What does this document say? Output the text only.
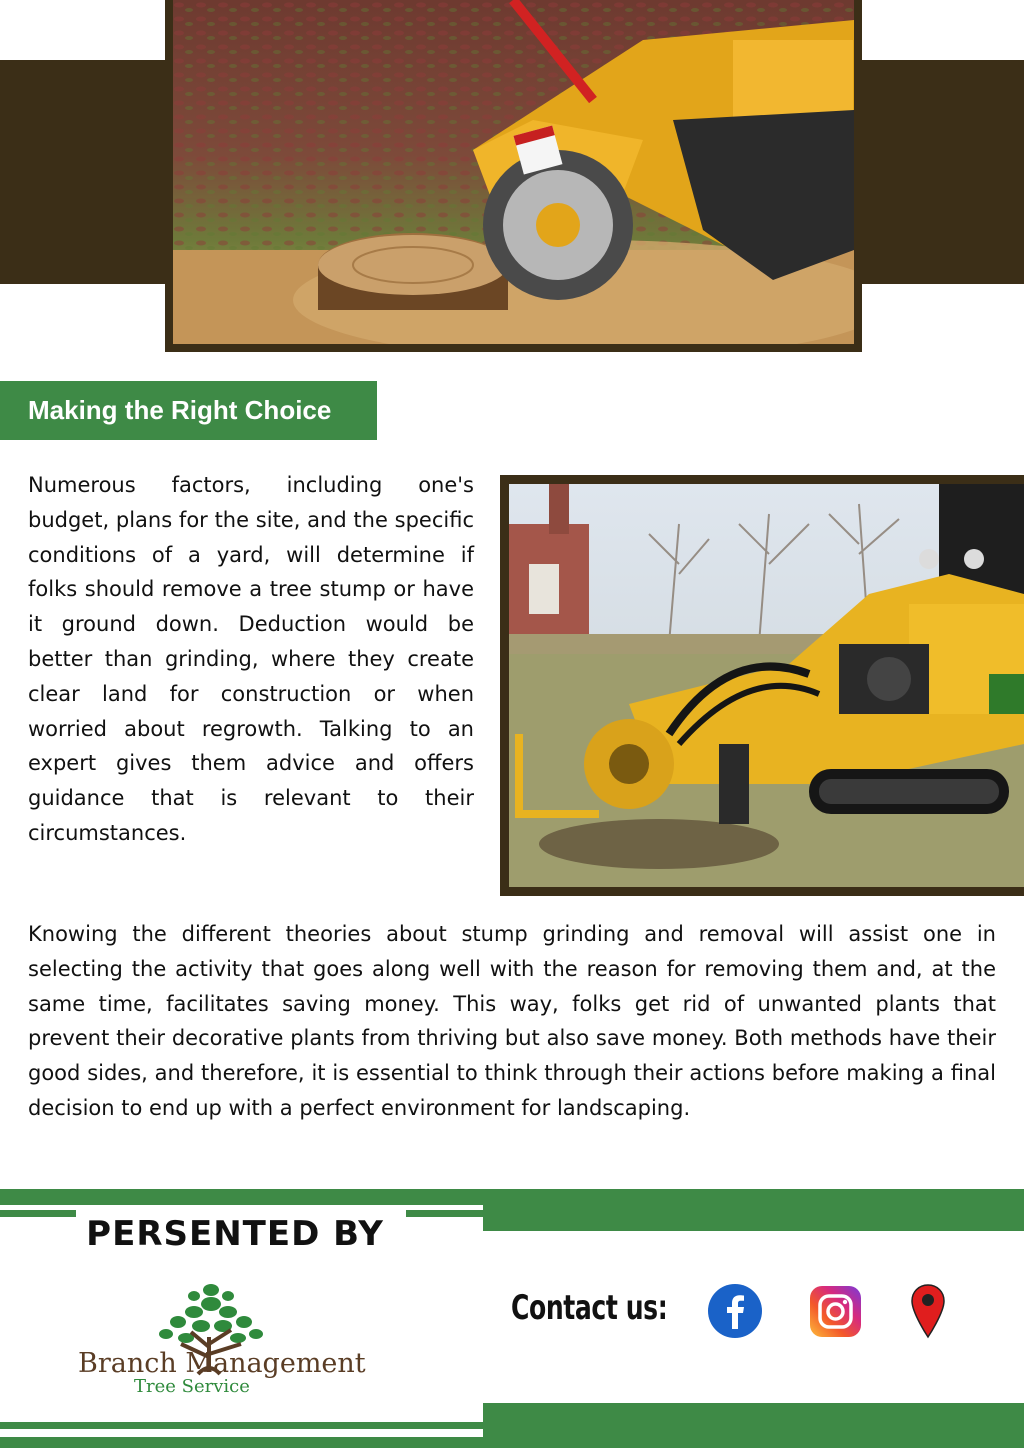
Making the Right Choice

Numerous factors, including one's budget, plans for the site, and the specific conditions of a yard, will determine if folks should remove a tree stump or have it ground down. Deduction would be better than grinding, where they create clear land for construction or when worried about regrowth. Talking to an expert gives them advice and offers guidance that is relevant to their circumstances.

Knowing the different theories about stump grinding and removal will assist one in selecting the activity that goes along well with the reason for removing them and, at the same time, facilitates saving money. This way, folks get rid of unwanted plants that prevent their decorative plants from thriving but also save money. Both methods have their good sides, and therefore, it is essential to think through their actions before making a final decision to end up with a perfect environment for landscaping.

PERSENTED BY
Branch Management
Tree Service
Contact us:
